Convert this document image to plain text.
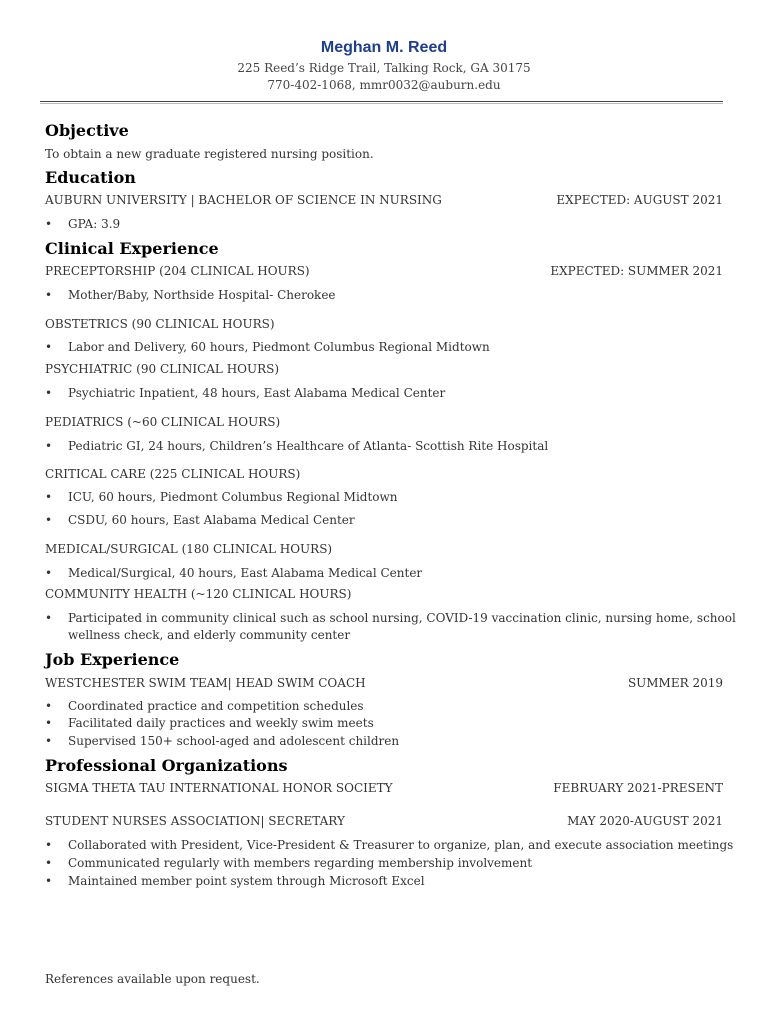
Meghan M. Reed
225 Reed’s Ridge Trail, Talking Rock, GA 30175
770-402-1068, mmr0032@auburn.edu
Objective
To obtain a new graduate registered nursing position.
Education
AUBURN UNIVERSITY | BACHELOR OF SCIENCE IN NURSING	EXPECTED: AUGUST 2021
• GPA: 3.9
Clinical Experience
PRECEPTORSHIP (204 CLINICAL HOURS)	EXPECTED: SUMMER 2021
• Mother/Baby, Northside Hospital- Cherokee
OBSTETRICS (90 CLINICAL HOURS)
• Labor and Delivery, 60 hours, Piedmont Columbus Regional Midtown
PSYCHIATRIC (90 CLINICAL HOURS)
• Psychiatric Inpatient, 48 hours, East Alabama Medical Center
PEDIATRICS (~60 CLINICAL HOURS)
• Pediatric GI, 24 hours, Children’s Healthcare of Atlanta- Scottish Rite Hospital
CRITICAL CARE (225 CLINICAL HOURS)
• ICU, 60 hours, Piedmont Columbus Regional Midtown
• CSDU, 60 hours, East Alabama Medical Center
MEDICAL/SURGICAL (180 CLINICAL HOURS)
• Medical/Surgical, 40 hours, East Alabama Medical Center
COMMUNITY HEALTH (~120 CLINICAL HOURS)
• Participated in community clinical such as school nursing, COVID-19 vaccination clinic, nursing home, school
wellness check, and elderly community center
Job Experience
WESTCHESTER SWIM TEAM| HEAD SWIM COACH	SUMMER 2019
• Coordinated practice and competition schedules
• Facilitated daily practices and weekly swim meets
• Supervised 150+ school-aged and adolescent children
Professional Organizations
SIGMA THETA TAU INTERNATIONAL HONOR SOCIETY	FEBRUARY 2021-PRESENT
STUDENT NURSES ASSOCIATION| SECRETARY	MAY 2020-AUGUST 2021
• Collaborated with President, Vice-President & Treasurer to organize, plan, and execute association meetings
• Communicated regularly with members regarding membership involvement
• Maintained member point system through Microsoft Excel
References available upon request.
